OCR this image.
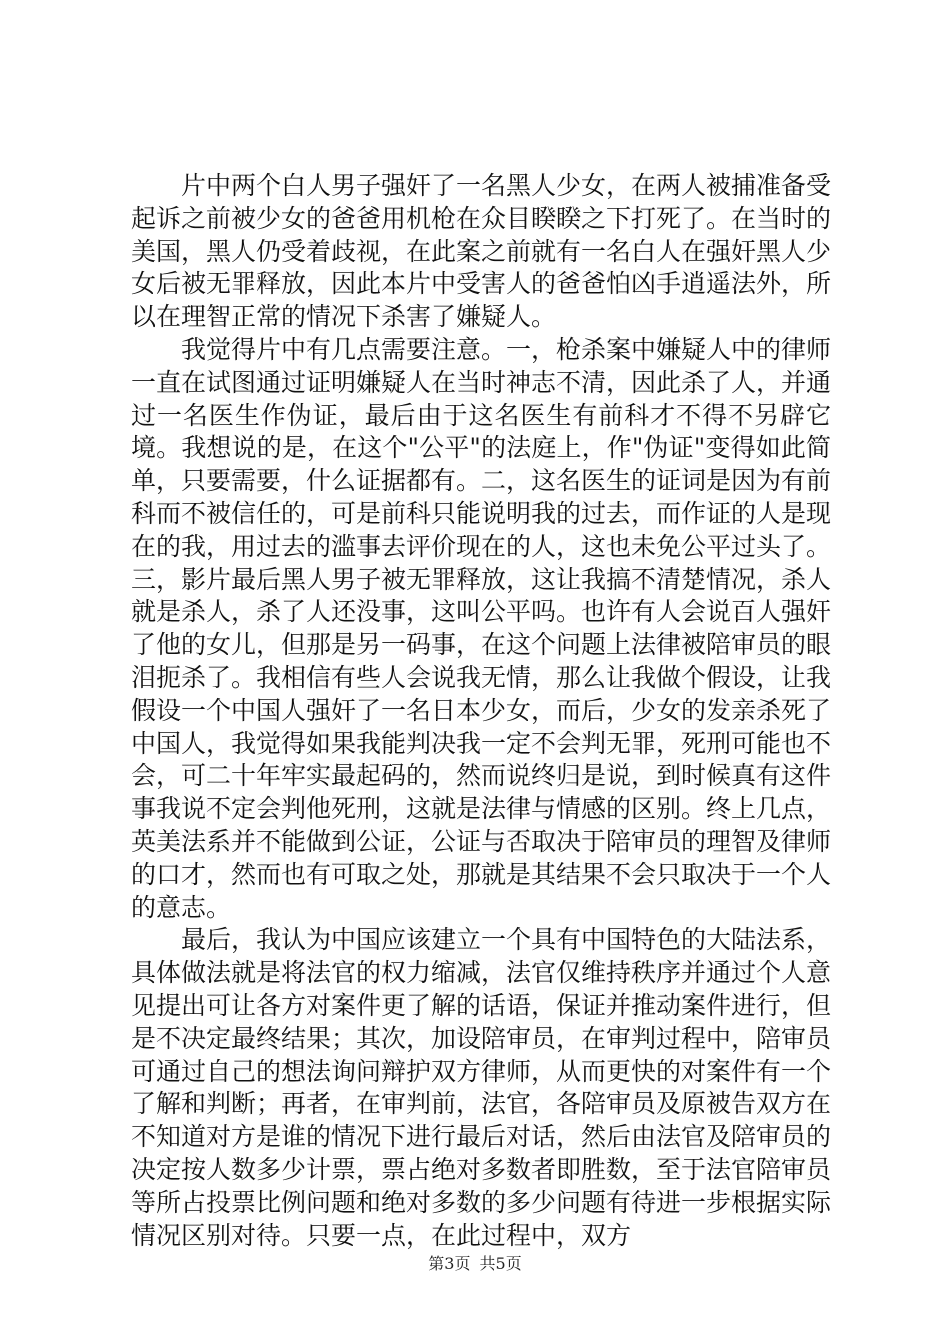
片中两个白人男子强奸了一名黑人少女，在两人被捕准备受起诉之前被少女的爸爸用机枪在众目睽睽之下打死了。在当时的美国，黑人仍受着歧视，在此案之前就有一名白人在强奸黑人少女后被无罪释放，因此本片中受害人的爸爸怕凶手逍遥法外，所以在理智正常的情况下杀害了嫌疑人。

我觉得片中有几点需要注意。一，枪杀案中嫌疑人中的律师一直在试图通过证明嫌疑人在当时神志不清，因此杀了人，并通过一名医生作伪证，最后由于这名医生有前科才不得不另辟它境。我想说的是，在这个"公平"的法庭上，作"伪证"变得如此简单，只要需要，什么证据都有。二，这名医生的证词是因为有前科而不被信任的，可是前科只能说明我的过去，而作证的人是现在的我，用过去的滥事去评价现在的人，这也未免公平过头了。三，影片最后黑人男子被无罪释放，这让我搞不清楚情况，杀人就是杀人，杀了人还没事，这叫公平吗。也许有人会说百人强奸了他的女儿，但那是另一码事，在这个问题上法律被陪审员的眼泪扼杀了。我相信有些人会说我无情，那么让我做个假设，让我假设一个中国人强奸了一名日本少女，而后，少女的发亲杀死了中国人，我觉得如果我能判决我一定不会判无罪，死刑可能也不会，可二十年牢实最起码的，然而说终归是说，到时候真有这件事我说不定会判他死刑，这就是法律与情感的区别。终上几点，英美法系并不能做到公证，公证与否取决于陪审员的理智及律师的口才，然而也有可取之处，那就是其结果不会只取决于一个人的意志。

最后，我认为中国应该建立一个具有中国特色的大陆法系，具体做法就是将法官的权力缩减，法官仅维持秩序并通过个人意见提出可让各方对案件更了解的话语，保证并推动案件进行，但是不决定最终结果；其次，加设陪审员，在审判过程中，陪审员可通过自己的想法询问辩护双方律师，从而更快的对案件有一个了解和判断；再者，在审判前，法官，各陪审员及原被告双方在不知道对方是谁的情况下进行最后对话，然后由法官及陪审员的决定按人数多少计票，票占绝对多数者即胜数，至于法官陪审员等所占投票比例问题和绝对多数的多少问题有待进一步根据实际情况区别对待。只要一点，在此过程中，双方

第3页 共5页
